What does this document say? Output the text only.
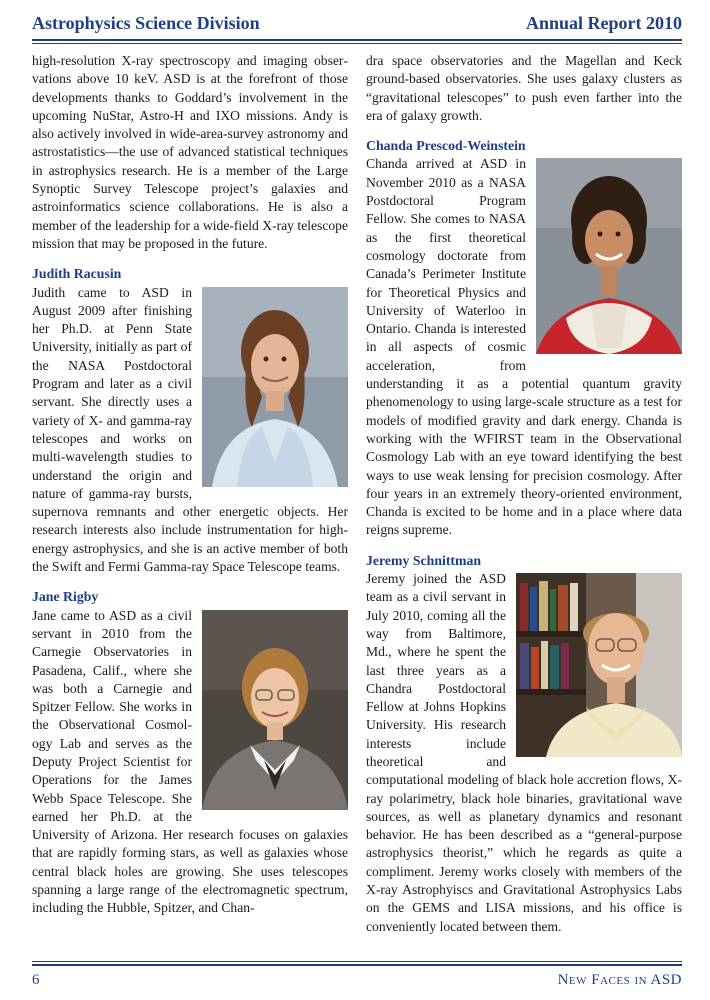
Astrophysics Science Division	Annual Report 2010

high-resolution X-ray spectroscopy and imaging observations above 10 keV. ASD is at the forefront of those developments thanks to Goddard’s involvement in the upcoming NuStar, Astro-H and IXO missions. Andy is also actively involved in wide-area-survey astronomy and astrostatistics—the use of advanced statistical techniques in astrophysics research. He is a member of the Large Synoptic Survey Telescope project’s galaxies and astroinformatics science collaborations. He is also a member of the leadership for a wide-field X-ray telescope mission that may be proposed in the future.

Judith Racusin

Judith came to ASD in August 2009 after finishing her Ph.D. at Penn State University, initially as part of the NASA Postdoctoral Program and later as a civil servant. She directly uses a variety of X- and gamma-ray telescopes and works on multi-wavelength studies to understand the origin and nature of gamma-ray bursts, supernova remnants and other energetic objects. Her research interests also include instrumentation for high-energy astrophysics, and she is an active member of both the Swift and Fermi Gamma-ray Space Telescope teams.

Jane Rigby

Jane came to ASD as a civil servant in 2010 from the Carnegie Observatories in Pasadena, Calif., where she was both a Carnegie and Spitzer Fellow. She works in the Observational Cosmology Lab and serves as the Deputy Project Scientist for Operations for the James Webb Space Telescope. She earned her Ph.D. at the University of Arizona. Her research focuses on galaxies that are rapidly forming stars, as well as galaxies whose central black holes are growing. She uses telescopes spanning a large range of the electromagnetic spectrum, including the Hubble, Spitzer, and Chan-

dra space observatories and the Magellan and Keck ground-based observatories. She uses galaxy clusters as “gravitational telescopes” to push even farther into the era of galaxy growth.

Chanda Prescod-Weinstein

Chanda arrived at ASD in November 2010 as a NASA Postdoctoral Program Fellow. She comes to NASA as the first theoretical cosmology doctorate from Canada’s Perimeter Institute for Theoretical Physics and University of Waterloo in Ontario. Chanda is interested in all aspects of cosmic acceleration, from understanding it as a potential quantum gravity phenomenology to using large-scale structure as a test for models of modified gravity and dark energy. Chanda is working with the WFIRST team in the Observational Cosmology Lab with an eye toward identifying the best ways to use weak lensing for precision cosmology. After four years in an extremely theory-oriented environment, Chanda is excited to be home and in a place where data reigns supreme.

Jeremy Schnittman

Jeremy joined the ASD team as a civil servant in July 2010, coming all the way from Baltimore, Md., where he spent the last three years as a Chandra Postdoctoral Fellow at Johns Hopkins University. His research interests include theoretical and computational modeling of black hole accretion flows, X-ray polarimetry, black hole binaries, gravitational wave sources, as well as planetary dynamics and resonant behavior. He has been described as a “general-purpose astrophysics theorist,” which he regards as quite a compliment. Jeremy works closely with members of the X-ray Astrophyiscs and Gravitational Astrophysics Labs on the GEMS and LISA missions, and his office is conveniently located between them.

6	New Faces in ASD
